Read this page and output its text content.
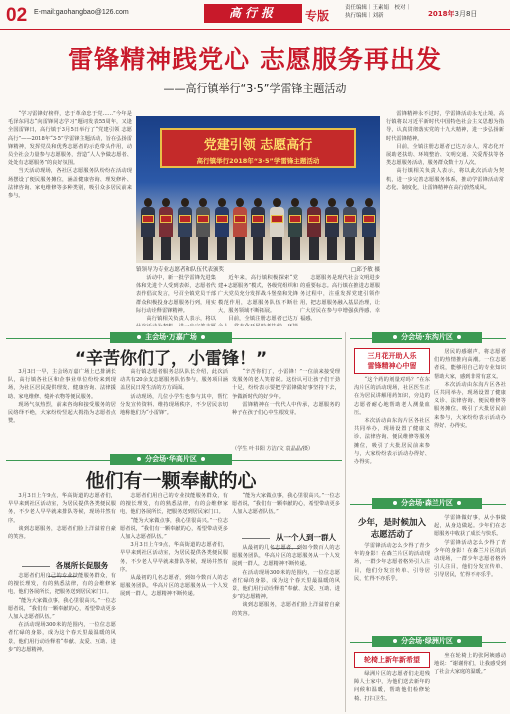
02 E-mail:gaohangbao@126.com	高行报	专版
责任编辑｜王素娟　校对｜
执行编辑｜刘新	2018年3月8日
雷锋精神践党心 志愿服务再出发
——高行镇举行“3·5”学雷锋主题活动

“学习雷锋好榜样，忠于革命忠于党……”今年是毛泽东同志“向雷锋同志学习”题词发表55周年，又逢全国雷锋日，高行镇于3月5日举行了“党建引领 志愿高行”——2018年“3·5”学雷锋主题活动，旨在弘扬雷锋精神，发挥党员和优秀志愿者的示范带头作用，动员全社会力量参与志愿服务，营造“人人争做志愿者、处处有志愿服务”的良好氛围。

当天活动现场，各社区志愿服务队纷纷在活动现场摆设了便民服务摊位，涵盖健康咨询、理发修补、法律咨询、家电维修等多种类别，吸引众多居民前来参与。

党建引领 志愿高行
高行镇举行2018年“3·5”学雷锋主题活动
镇领导为专业志愿者和队伍代表颁奖	□邱予敏 摄

活动中，新一批学雷锋先进集体和先进个人受到表彰，志愿者代表作倡议发言，号召全镇党员干部群众积极投身志愿服务行列，用实际行动诠释雷锋精神。

高行镇相关负责人表示，将以

近年来，高行镇积极探索“党建+志愿服务”模式，各级党组织和广大党员充分发挥战斗堡垒和先锋模范作用，志愿服务队伍不断壮大，服务领域不断拓展。

目前，全镇注册志愿者已达万

志愿服务是现代社会文明进步的重要标志。高行镇在推进志愿服务过程中，注重发挥党建引领作用，把志愿服务融入基层治理，让广大居民在参与中增强获得感、幸福感。

雷锋精神永不过时，学雷锋活动永无止境。高行镇将以习近平新时代中国特色社会主义思想为指导，认真贯彻落实党的十九大精神，进一步弘扬新时代雷锋精神。

目前，全镇注册志愿者已达万余人，常态化开展助老扶幼、环境整治、文明交通、关爱帮扶等各类志愿服务活动，服务群众数十万人次。

高行镇相关负责人表示，将以此次活动为契机，进一步完善志愿服务体系，推动学雷锋活动常态化、制度化，让雷锋精神在高行蔚然成风。

主会场·万嘉广场
“辛苦你们了，小雷锋！”

3月3日一早，主会场万嘉广场上已排满长队，高行镇各社区和企事业单位纷纷来到现场，为社区居民提供理发、健康咨询、法律援助、家电维修、缝补衣物等便民服务。

现场气氛热烈，前来咨询和接受服务的居民络绎不绝，大家纷纷竖起大拇指为志愿者点赞。

高行镇志愿者服务总队队长介绍，此次活动共有20余支志愿服务队伍参与，服务项目涵盖居民日常生活的方方面面。

活动现场，几位小学生也参与其中，帮忙分发宣传资料、维持现场秩序，不少居民亲切地称他们为“小雷锋”。

“辛苦你们了，小雷锋！”一位前来接受理发服务的老人笑着说。这份认可让孩子们干劲十足，纷纷表示要把学雷锋做好事坚持下去，争做新时代的好少年。

雷锋精神在一代代人中传承，志愿服务的种子在孩子们心中生根发芽。

（学生 叶书阳 方洁/文 袁晶晶/摄）
分会场·华高片区
他们有一颗奉献的心

3月3日上午9点，华高街道的志愿者们，早早来到社区活动室，为居民提供各类便民服务，不少老人早早就来排队等候，现场井然有序。

谈到志愿服务，志愿者们脸上洋溢着自豪的笑容。

各展所长促服务

志愿者们用自己的专业技能服务群众，有的擅长理发，有的熟悉法律，有的会维修家电，他们各展所长，把服务送到居民家门口。

“能为大家做点事，我心里很高兴。”一位志愿者说，“我们有一颗奉献的心，希望带动更多人加入志愿者队伍。”

在活动现场300米的范围内，一位位志愿者忙碌的身影，成为这个春天里最温暖的风景，他们用行动诠释着“奉献、友爱、互助、进步”的志愿精神。

志愿者们用自己的专业技能服务群众，有的擅长理发，有的熟悉法律，有的会维修家电，他们各展所长，把服务送到居民家门口。

“能为大家做点事，我心里很高兴。”一位志愿者说，“我们有一颗奉献的心，希望带动更多人加入志愿者队伍。”

3月3日上午9点，华高街道的志愿者们，早早来到社区活动室，为居民提供各类便民服务，不少老人早早就来排队等候，现场井然有序。

从最初的几名志愿者，到如今数百人的志愿服务团队，华高片区的志愿服务从一个人发展到一群人，志愿精神不断传递。

从一个人到一群人

“能为大家做点事，我心里很高兴。”一位志愿者说，“我们有一颗奉献的心，希望带动更多人加入志愿者队伍。”

从最初的几名志愿者，到如今数百人的志愿服务团队，华高片区的志愿服务从一个人发展到一群人，志愿精神不断传递。

在活动现场300米的范围内，一位位志愿者忙碌的身影，成为这个春天里最温暖的风景，他们用行动诠释着“奉献、友爱、互助、进步”的志愿精神。

谈到志愿服务，志愿者们脸上洋溢着自豪的笑容。

分会场·东沟片区
三月花开助人乐
雷锋精神心中留

“这个药的剂量对吗？”在东沟片区的活动现场，社区医生正在为居民讲解用药知识，旁边的志愿者耐心地帮助老人测量血压。

本次活动由东沟片区各社区共同举办，现场设置了健康义诊、法律咨询、便民维修等服务摊位，吸引了大批居民前来参与，大家纷纷表示活动办得好、办得实。

居民的感谢声，将志愿者们的热情推向高潮。一位志愿者说，能够用自己的专业知识帮助大家，感到非常有意义。

本次活动由东沟片区各社区共同举办，现场设置了健康义诊、法律咨询、便民维修等服务摊位，吸引了大批居民前来参与，大家纷纷表示活动办得好、办得实。

分会场·森兰片区
少年，是时候加入
志愿活动了

学雷锋活动怎么少得了青少年的身影！在森兰片区的活动现场，一群少年志愿者格外引人注目，他们分发宣传单、引导居民，忙得不亦乐乎。

学雷锋做好事，从小事做起，从身边做起。少年们在志愿服务中收获了成长与快乐。

学雷锋活动怎么少得了青少年的身影！在森兰片区的活动现场，一群少年志愿者格外引人注目，他们分发宣传单、引导居民，忙得不亦乐乎。

分会场·绿洲片区
轮椅上新年新希望

绿洲片区的志愿者们走进残障人士家中，为他们送去新年的问候和温暖，帮助他们检修轮椅、打扫卫生。

坐在轮椅上的张阿姨感动地说：“谢谢你们，让我感受到了社会大家庭的温暖。”
